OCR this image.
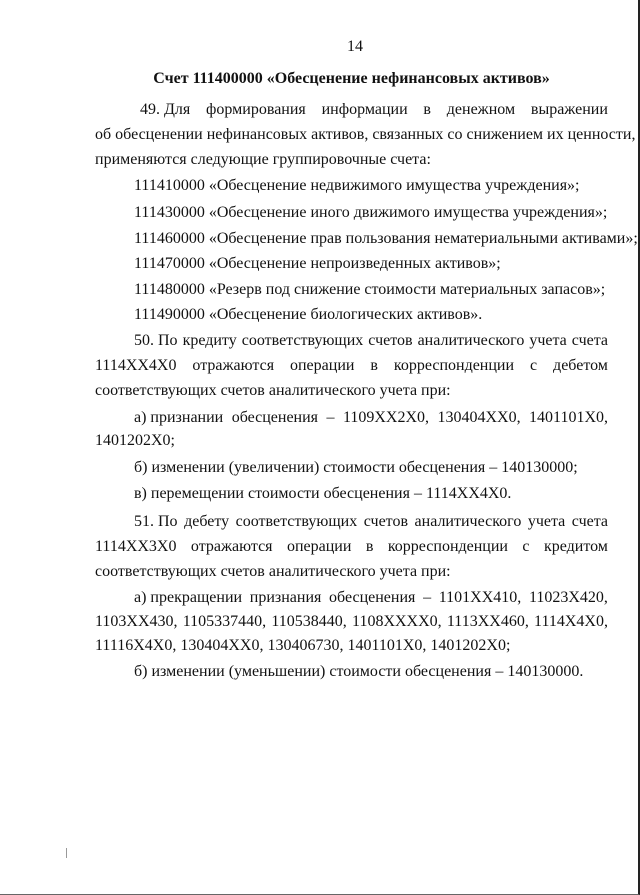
14
Счет 111400000 «Обесценение нефинансовых активов»
49. Для формирования информации в денежном выражении
об обесценении нефинансовых активов, связанных со снижением их ценности,
применяются следующие группировочные счета:
111410000 «Обесценение недвижимого имущества учреждения»;
111430000 «Обесценение иного движимого имущества учреждения»;
111460000 «Обесценение прав пользования нематериальными активами»;
111470000 «Обесценение непроизведенных активов»;
111480000 «Резерв под снижение стоимости материальных запасов»;
111490000 «Обесценение биологических активов».
50. По кредиту соответствующих счетов аналитического учета счета
1114XX4X0 отражаются операции в корреспонденции с дебетом
соответствующих счетов аналитического учета при:
а) признании обесценения – 1109XX2X0, 130404XX0, 1401101X0,
1401202X0;
б) изменении (увеличении) стоимости обесценения – 140130000;
в) перемещении стоимости обесценения – 1114XX4X0.
51. По дебету соответствующих счетов аналитического учета счета
1114XX3X0 отражаются операции в корреспонденции с кредитом
соответствующих счетов аналитического учета при:
а) прекращении признания обесценения – 1101XX410, 11023X420,
1103XX430, 1105337440, 110538440, 1108XXXX0, 1113XX460, 1114X4X0,
11116X4X0, 130404XX0, 130406730, 1401101X0, 1401202X0;
б) изменении (уменьшении) стоимости обесценения – 140130000.
